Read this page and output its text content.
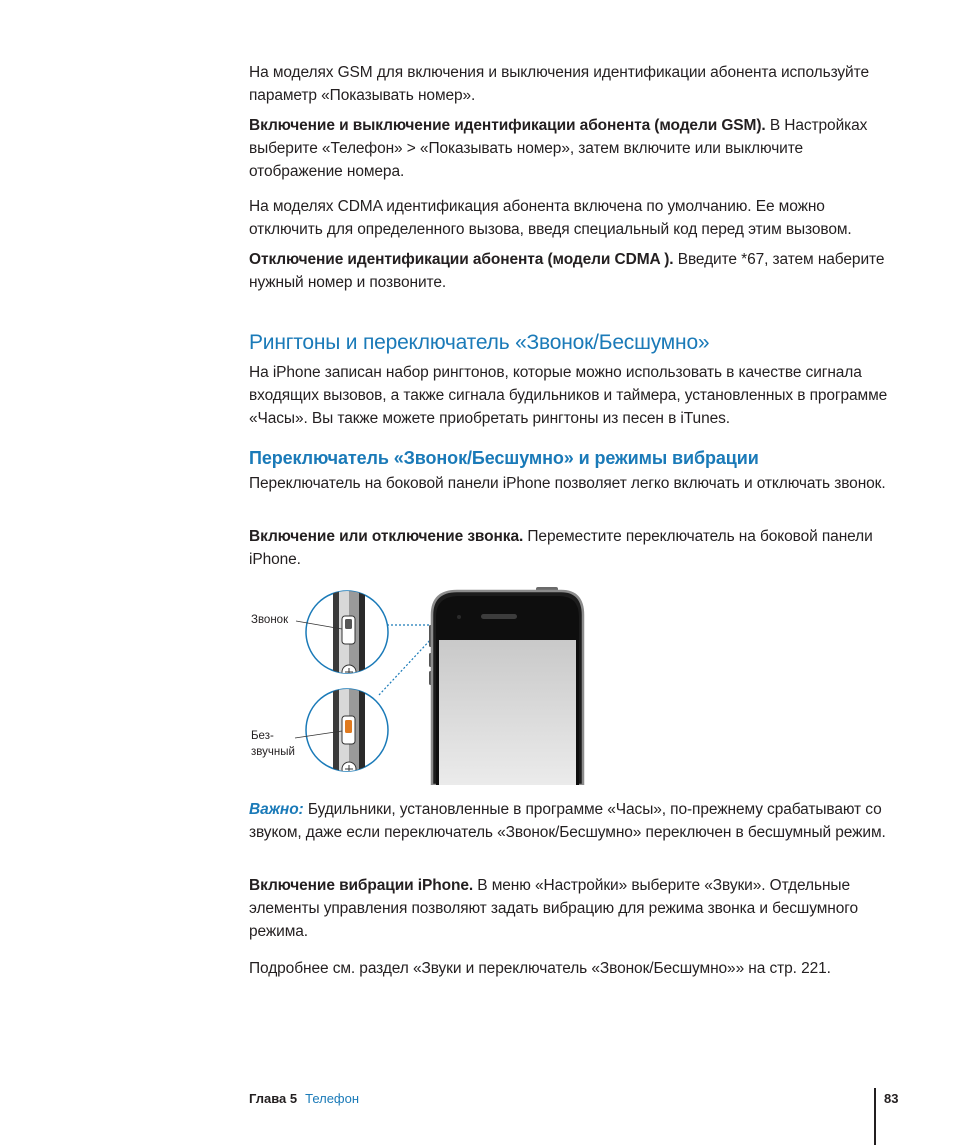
На моделях GSM для включения и выключения идентификации абонента используйте параметр «Показывать номер».

Включение и выключение идентификации абонента (модели GSM). В Настройках выберите «Телефон» > «Показывать номер», затем включите или выключите отображение номера.

На моделях CDMA идентификация абонента включена по умолчанию. Ее можно отключить для определенного вызова, введя специальный код перед этим вызовом.

Отключение идентификации абонента (модели CDMA ). Введите *67, затем наберите нужный номер и позвоните.

Рингтоны и переключатель «Звонок/Бесшумно»

На iPhone записан набор рингтонов, которые можно использовать в качестве сигнала входящих вызовов, а также сигнала будильников и таймера, установленных в программе «Часы». Вы также можете приобретать рингтоны из песен в iTunes.

Переключатель «Звонок/Бесшумно» и режимы вибрации

Переключатель на боковой панели iPhone позволяет легко включать и отключать звонок.

Включение или отключение звонка. Переместите переключатель на боковой панели iPhone.

Важно: Будильники, установленные в программе «Часы», по-прежнему срабатывают со звуком, даже если переключатель «Звонок/Бесшумно» переключен в бесшумный режим.

Включение вибрации iPhone. В меню «Настройки» выберите «Звуки». Отдельные элементы управления позволяют задать вибрацию для режима звонка и бесшумного режима.

Подробнее см. раздел «Звуки и переключатель «Звонок/Бесшумно»» на стр. 221.

Звонок
Без-
звучный
Глава 5 Телефон	83
